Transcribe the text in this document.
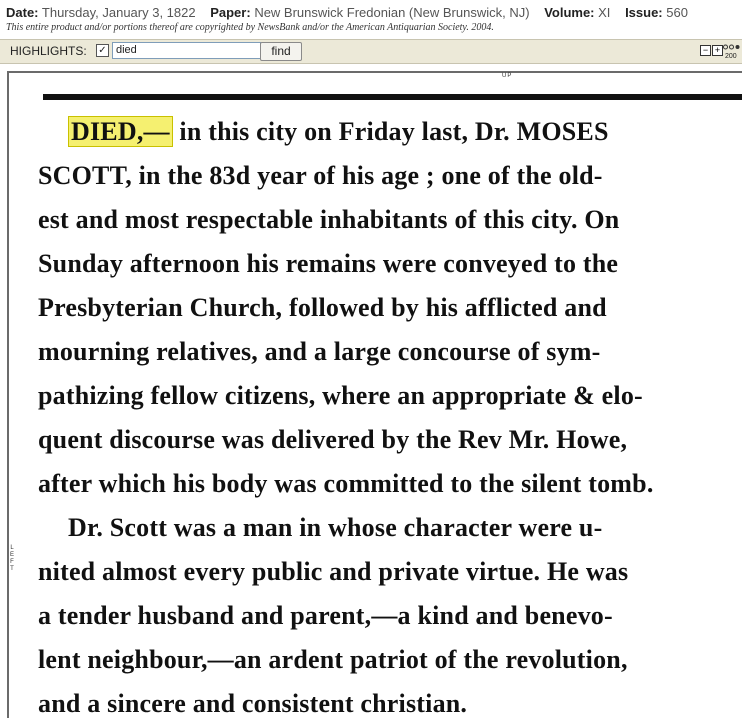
Date: Thursday, January 3, 1822 Paper: New Brunswick Fredonian (New Brunswick, NJ) Volume: XI Issue: 560
This entire product and/or portions thereof are copyrighted by NewsBank and/or the American Antiquarian Society. 2004.
HIGHLIGHTS: ✓
died	find	− +
200
UP
L
E
F
T
DIED,— in this city on Friday last, Dr. MOSES
SCOTT, in the 83d year of his age ; one of the old-
est and most respectable inhabitants of this city. On
Sunday afternoon his remains were conveyed to the
Presbyterian Church, followed by his afflicted and
mourning relatives, and a large concourse of sym-
pathizing fellow citizens, where an appropriate & elo-
quent discourse was delivered by the Rev Mr. Howe,
after which his body was committed to the silent tomb.
Dr. Scott was a man in whose character were u-
nited almost every public and private virtue. He was
a tender husband and parent,—a kind and benevo-
lent neighbour,—an ardent patriot of the revolution,
and a sincere and consistent christian.
